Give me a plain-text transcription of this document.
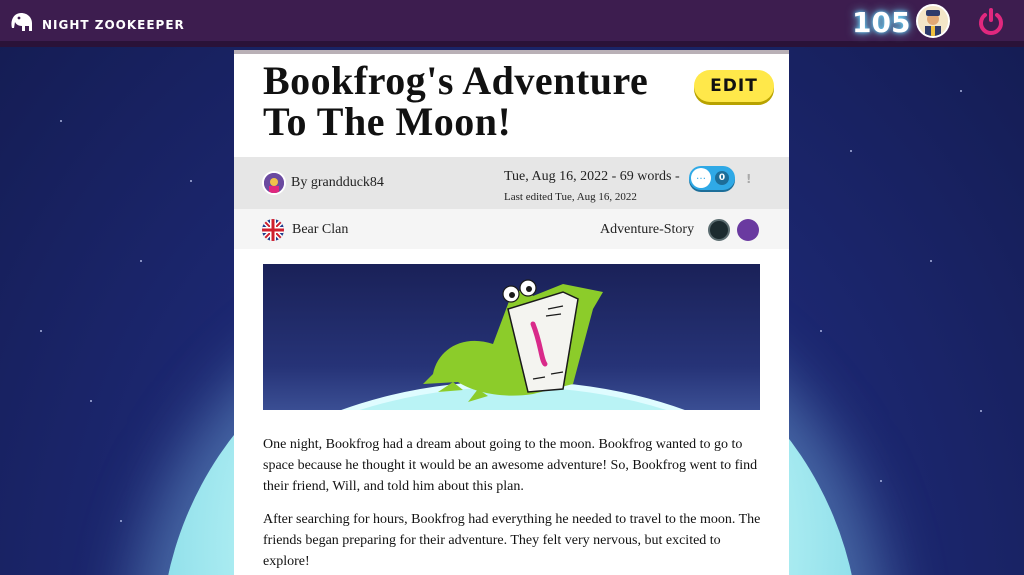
NIGHT ZOOKEEPER	105
Bookfrog's Adventure To The Moon!
EDIT
By grandduck84	Tue, Aug 16, 2022 - 69 words -
Last edited Tue, Aug 16, 2022
…	0	!
Bear Clan	Adventure-Story

One night, Bookfrog had a dream about going to the moon. Bookfrog wanted to go to space because he thought it would be an awesome adventure! So, Bookfrog went to find their friend, Will, and told him about this plan.

After searching for hours, Bookfrog had everything he needed to travel to the moon. The friends began preparing for their adventure. They felt very nervous, but excited to explore!
